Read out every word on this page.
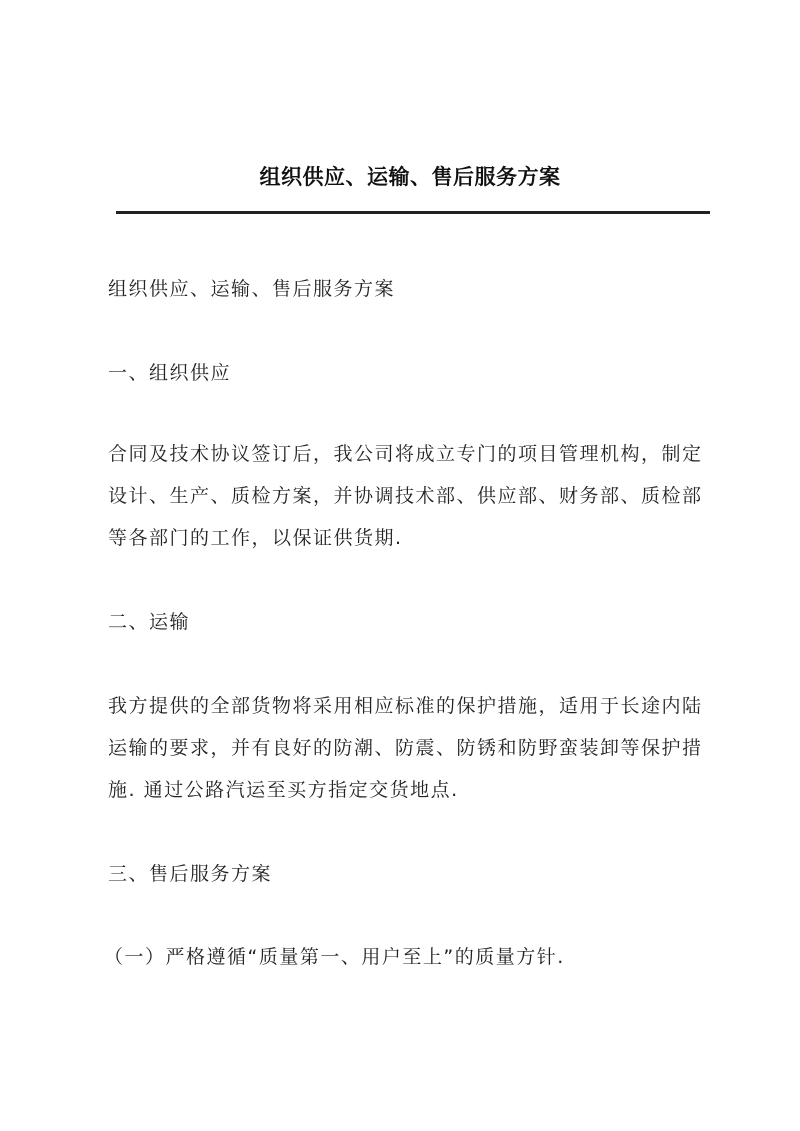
组织供应、运输、售后服务方案

组织供应、运输、售后服务方案

一、组织供应

合同及技术协议签订后，我公司将成立专门的项目管理机构，制定设计、生产、质检方案，并协调技术部、供应部、财务部、质检部等各部门的工作，以保证供货期.

二、运输

我方提供的全部货物将采用相应标准的保护措施，适用于长途内陆运输的要求，并有良好的防潮、防震、防锈和防野蛮装卸等保护措施. 通过公路汽运至买方指定交货地点.

三、售后服务方案

（一）严格遵循“质量第一、用户至上”的质量方针.
